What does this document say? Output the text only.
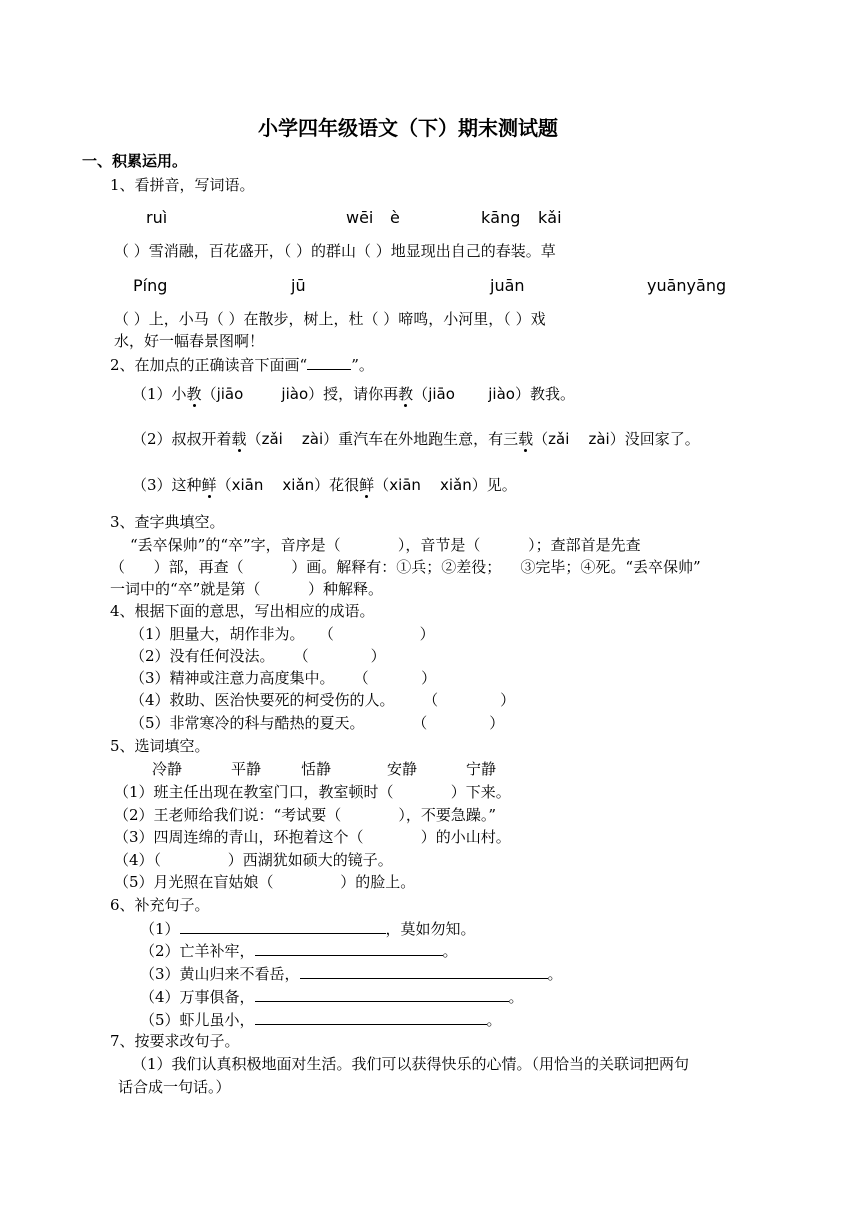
小学四年级语文（下）期末测试题
一、积累运用。
1、看拼音，写词语。
ruì	wēi è	kāng kǎi
（ ）雪消融，百花盛开，（ ）的群山（ ）地显现出自己的春装。草
Píng	jū	juān	yuānyāng
（ ）上，小马（ ）在散步，树上，杜（ ）啼鸣，小河里，（ ）戏
水，好一幅春景图啊！
2、在加点的正确读音下面画“	”。
（1）小教（jiāo        jiào）授，请你再教（jiāo       jiào）教我。
（2）叔叔开着载（zǎi    zài）重汽车在外地跑生意，有三载（zǎi    zài）没回家了。
（3）这种鲜（xiān    xiǎn）花很鲜（xiān    xiǎn）见。
3、查字典填空。
“丢卒保帅”的“卒”字，音序是（            ），音节是（          ）；查部首是先查
（      ）部，再查（          ）画。解释有：①兵；②差役；    ③完毕；④死。“丢卒保帅”
一词中的“卒”就是第（          ）种解释。
4、根据下面的意思，写出相应的成语。
（1）胆量大，胡作非为。   （                  ）
（2）没有任何没法。    （             ）
（3）精神或注意力高度集中。    （           ）
（4）救助、医治快要死的柯受伤的人。      （             ）
（5）非常寒冷的科与酷热的夏天。          （             ）
5、选词填空。
冷静	平静	恬静	安静	宁静
（1）班主任出现在教室门口，教室顿时（            ）下来。
（2）王老师给我们说：“考试要（            ），不要急躁。”
（3）四周连绵的青山，环抱着这个（            ）的小山村。
（4）（              ）西湖犹如硕大的镜子。
（5）月光照在盲姑娘（              ）的脸上。
6、补充句子。
（1）	，莫如勿知。
（2）亡羊补牢，	。
（3）黄山归来不看岳，	。
（4）万事俱备，	。
（5）虾儿虽小，	。
7、按要求改句子。
（1）我们认真积极地面对生活。我们可以获得快乐的心情。（用恰当的关联词把两句
话合成一句话。）
